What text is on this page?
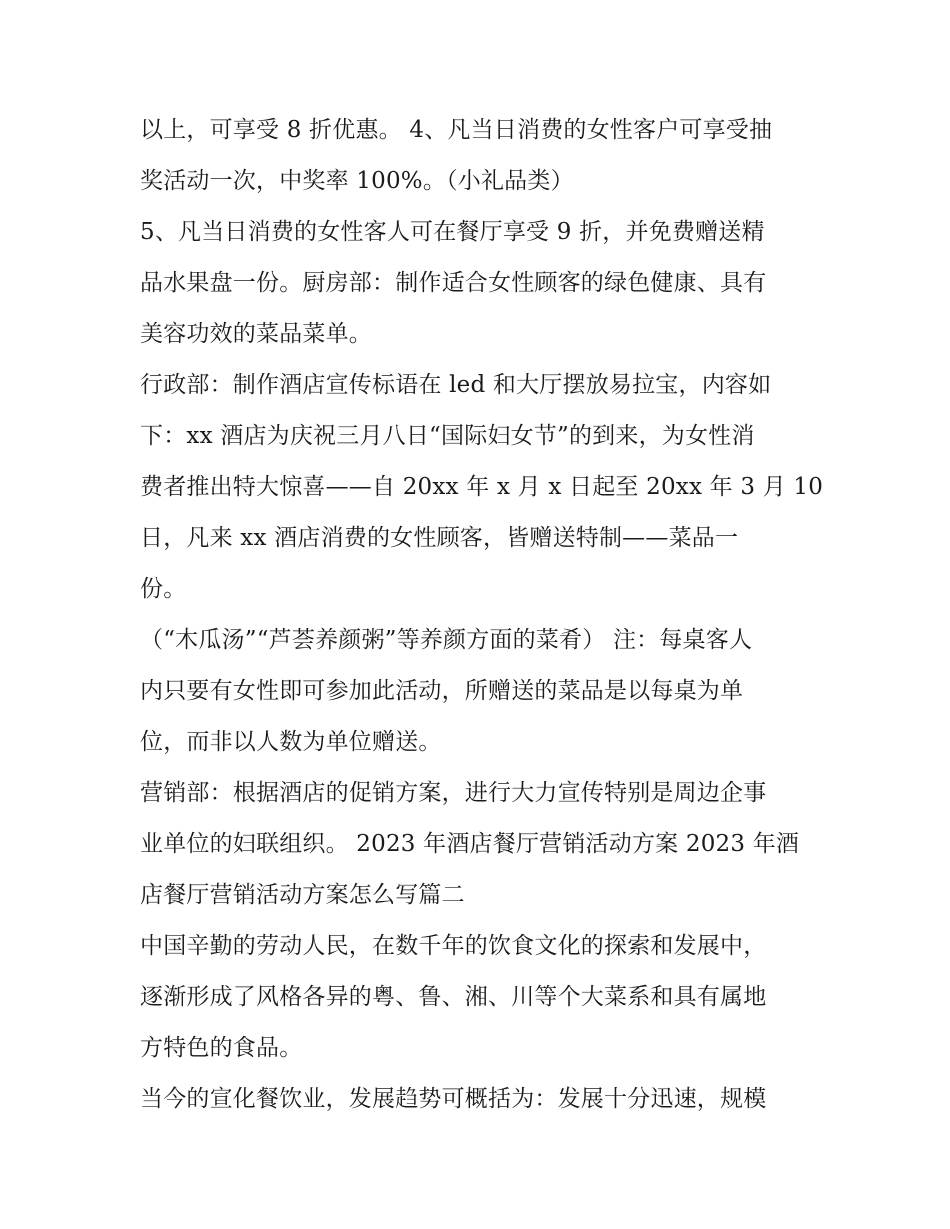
以上，可享受 8 折优惠。 4、凡当日消费的女性客户可享受抽
奖活动一次，中奖率 100%。（小礼品类）
5、凡当日消费的女性客人可在餐厅享受 9 折，并免费赠送精
品水果盘一份。厨房部：制作适合女性顾客的绿色健康、具有
美容功效的菜品菜单。
行政部：制作酒店宣传标语在 led 和大厅摆放易拉宝，内容如
下：xx 酒店为庆祝三月八日“国际妇女节”的到来，为女性消
费者推出特大惊喜——自 20xx 年 x 月 x 日起至 20xx 年 3 月 10
日，凡来 xx 酒店消费的女性顾客，皆赠送特制——菜品一
份。
（“木瓜汤”“芦荟养颜粥”等养颜方面的菜肴） 注：每桌客人
内只要有女性即可参加此活动，所赠送的菜品是以每桌为单
位，而非以人数为单位赠送。
营销部：根据酒店的促销方案，进行大力宣传特别是周边企事
业单位的妇联组织。 2023 年酒店餐厅营销活动方案 2023 年酒
店餐厅营销活动方案怎么写篇二
中国辛勤的劳动人民，在数千年的饮食文化的探索和发展中，
逐渐形成了风格各异的粤、鲁、湘、川等个大菜系和具有属地
方特色的食品。
当今的宣化餐饮业，发展趋势可概括为：发展十分迅速，规模
